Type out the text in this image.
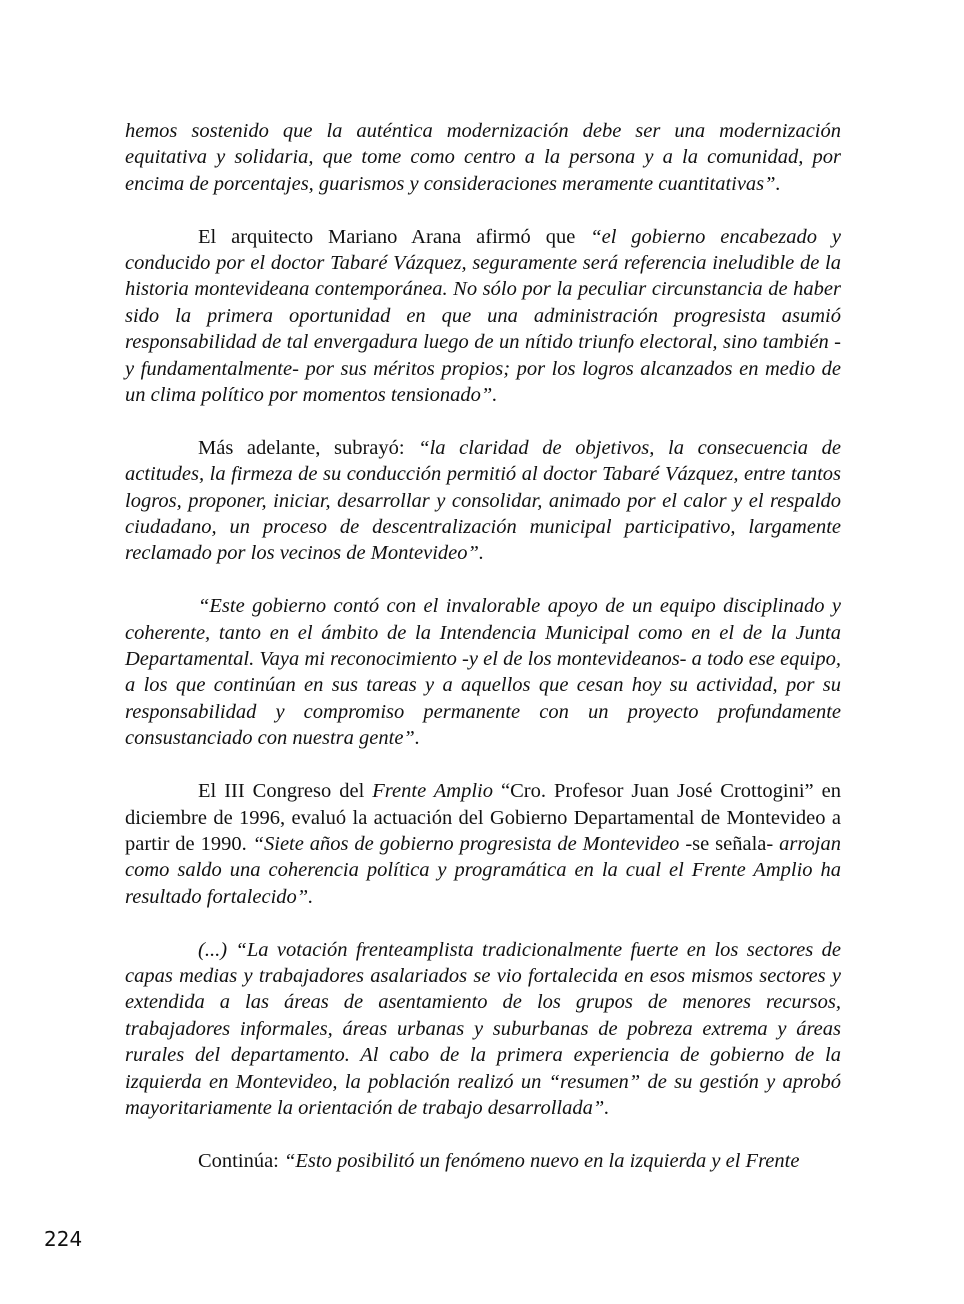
hemos sostenido que la auténtica modernización debe ser una modernización equitativa y solidaria, que tome como centro a la persona y a la comunidad, por encima de porcentajes, guarismos y consideraciones meramente cuantitativas”.

El arquitecto Mariano Arana afirmó que “el gobierno encabezado y conducido por el doctor Tabaré Vázquez, seguramente será referencia ineludible de la historia montevideana contemporánea. No sólo por la peculiar circunstancia de haber sido la primera oportunidad en que una administración progresista asumió responsabilidad de tal envergadura luego de un nítido triunfo electoral, sino también -y fundamentalmente- por sus méritos propios; por los logros alcanzados en medio de un clima político por momentos tensionado”.

Más adelante, subrayó: “la claridad de objetivos, la consecuencia de actitudes, la firmeza de su conducción permitió al doctor Tabaré Vázquez, entre tantos logros, proponer, iniciar, desarrollar y consolidar, animado por el calor y el respaldo ciudadano, un proceso de descentralización municipal participativo, largamente reclamado por los vecinos de Montevideo”.

“Este gobierno contó con el invalorable apoyo de un equipo disciplinado y coherente, tanto en el ámbito de la Intendencia Municipal como en el de la Junta Departamental. Vaya mi reconocimiento -y el de los montevideanos- a todo ese equipo, a los que continúan en sus tareas y a aquellos que cesan hoy su actividad, por su responsabilidad y compromiso permanente con un proyecto profundamente consustanciado con nuestra gente”.

El III Congreso del Frente Amplio “Cro. Profesor Juan José Crottogini” en diciembre de 1996, evaluó la actuación del Gobierno Departamental de Montevideo a partir de 1990. “Siete años de gobierno progresista de Montevideo -se señala- arrojan como saldo una coherencia política y programática en la cual el Frente Amplio ha resultado fortalecido”.

(...) “La votación frenteamplista tradicionalmente fuerte en los sectores de capas medias y trabajadores asalariados se vio fortalecida en esos mismos sectores y extendida a las áreas de asentamiento de los grupos de menores recursos, trabajadores informales, áreas urbanas y suburbanas de pobreza extrema y áreas rurales del departamento. Al cabo de la primera experiencia de gobierno de la izquierda en Montevideo, la población realizó un “resumen” de su gestión y aprobó mayoritariamente la orientación de trabajo desarrollada”.

Continúa: “Esto posibilitó un fenómeno nuevo en la izquierda y el Frente

224
